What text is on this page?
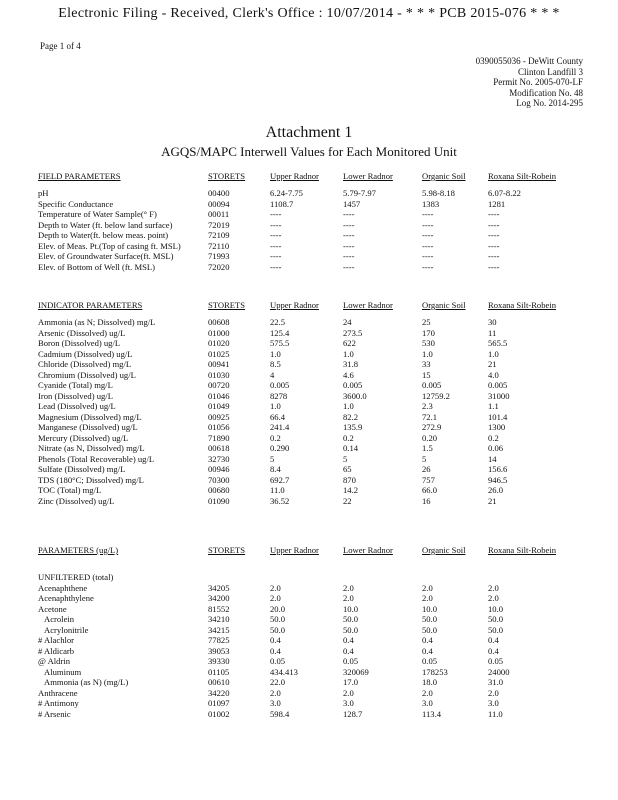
Electronic Filing - Received, Clerk's Office : 10/07/2014 - * * * PCB 2015-076 * * *
Page 1 of 4
0390055036 - DeWitt County
Clinton Landfill 3
Permit No. 2005-070-LF
Modification No. 48
Log No. 2014-295
Attachment 1
AGQS/MAPC Interwell Values for Each Monitored Unit
FIELD PARAMETERS	STORETS	Upper Radnor	Lower Radnor	Organic Soil	Roxana Silt-Robein
pH	00400	6.24-7.75	5.79-7.97	5.98-8.18	6.07-8.22
Specific Conductance	00094	1108.7	1457	1383	1281
Temperature of Water Sample(° F)	00011	----	----	----	----
Depth to Water (ft. below land surface)	72019	----	----	----	----
Depth to Water(ft. below meas. point)	72109	----	----	----	----
Elev. of Meas. Pt.(Top of casing ft. MSL)	72110	----	----	----	----
Elev. of Groundwater Surface(ft. MSL)	71993	----	----	----	----
Elev. of Bottom of Well (ft. MSL)	72020	----	----	----	----
INDICATOR PARAMETERS	STORETS	Upper Radnor	Lower Radnor	Organic Soil	Roxana Silt-Robein
Ammonia (as N; Dissolved) mg/L	00608	22.5	24	25	30
Arsenic (Dissolved) ug/L	01000	125.4	273.5	170	11
Boron (Dissolved) ug/L	01020	575.5	622	530	565.5
Cadmium (Dissolved) ug/L	01025	1.0	1.0	1.0	1.0
Chloride (Dissolved) mg/L	00941	8.5	31.8	33	21
Chromium (Dissolved) ug/L	01030	4	4.6	15	4.0
Cyanide (Total) mg/L	00720	0.005	0.005	0.005	0.005
Iron (Dissolved) ug/L	01046	8278	3600.0	12759.2	31000
Lead (Dissolved) ug/L	01049	1.0	1.0	2.3	1.1
Magnesium (Dissolved) mg/L	00925	66.4	82.2	72.1	101.4
Manganese (Dissolved) ug/L	01056	241.4	135.9	272.9	1300
Mercury (Dissolved) ug/L	71890	0.2	0.2	0.20	0.2
Nitrate (as N, Dissolved) mg/L	00618	0.290	0.14	1.5	0.06
Phenols (Total Recoverable) ug/L	32730	5	5	5	14
Sulfate (Dissolved) mg/L	00946	8.4	65	26	156.6
TDS (180°C; Dissolved) mg/L	70300	692.7	870	757	946.5
TOC (Total) mg/L	00680	11.0	14.2	66.0	26.0
Zinc (Dissolved) ug/L	01090	36.52	22	16	21
PARAMETERS (ug/L)	STORETS	Upper Radnor	Lower Radnor	Organic Soil	Roxana Silt-Robein

UNFILTERED (total)					
Acenaphthene	34205	2.0	2.0	2.0	2.0
Acenaphthylene	34200	2.0	2.0	2.0	2.0
Acetone	81552	20.0	10.0	10.0	10.0
Acrolein	34210	50.0	50.0	50.0	50.0
Acrylonitrile	34215	50.0	50.0	50.0	50.0
# Alachlor	77825	0.4	0.4	0.4	0.4
# Aldicarb	39053	0.4	0.4	0.4	0.4
@ Aldrin	39330	0.05	0.05	0.05	0.05
Aluminum	01105	434.413	320069	178253	24000
Ammonia (as N) (mg/L)	00610	22.0	17.0	18.0	31.0
Anthracene	34220	2.0	2.0	2.0	2.0
# Antimony	01097	3.0	3.0	3.0	3.0
# Arsenic	01002	598.4	128.7	113.4	11.0
